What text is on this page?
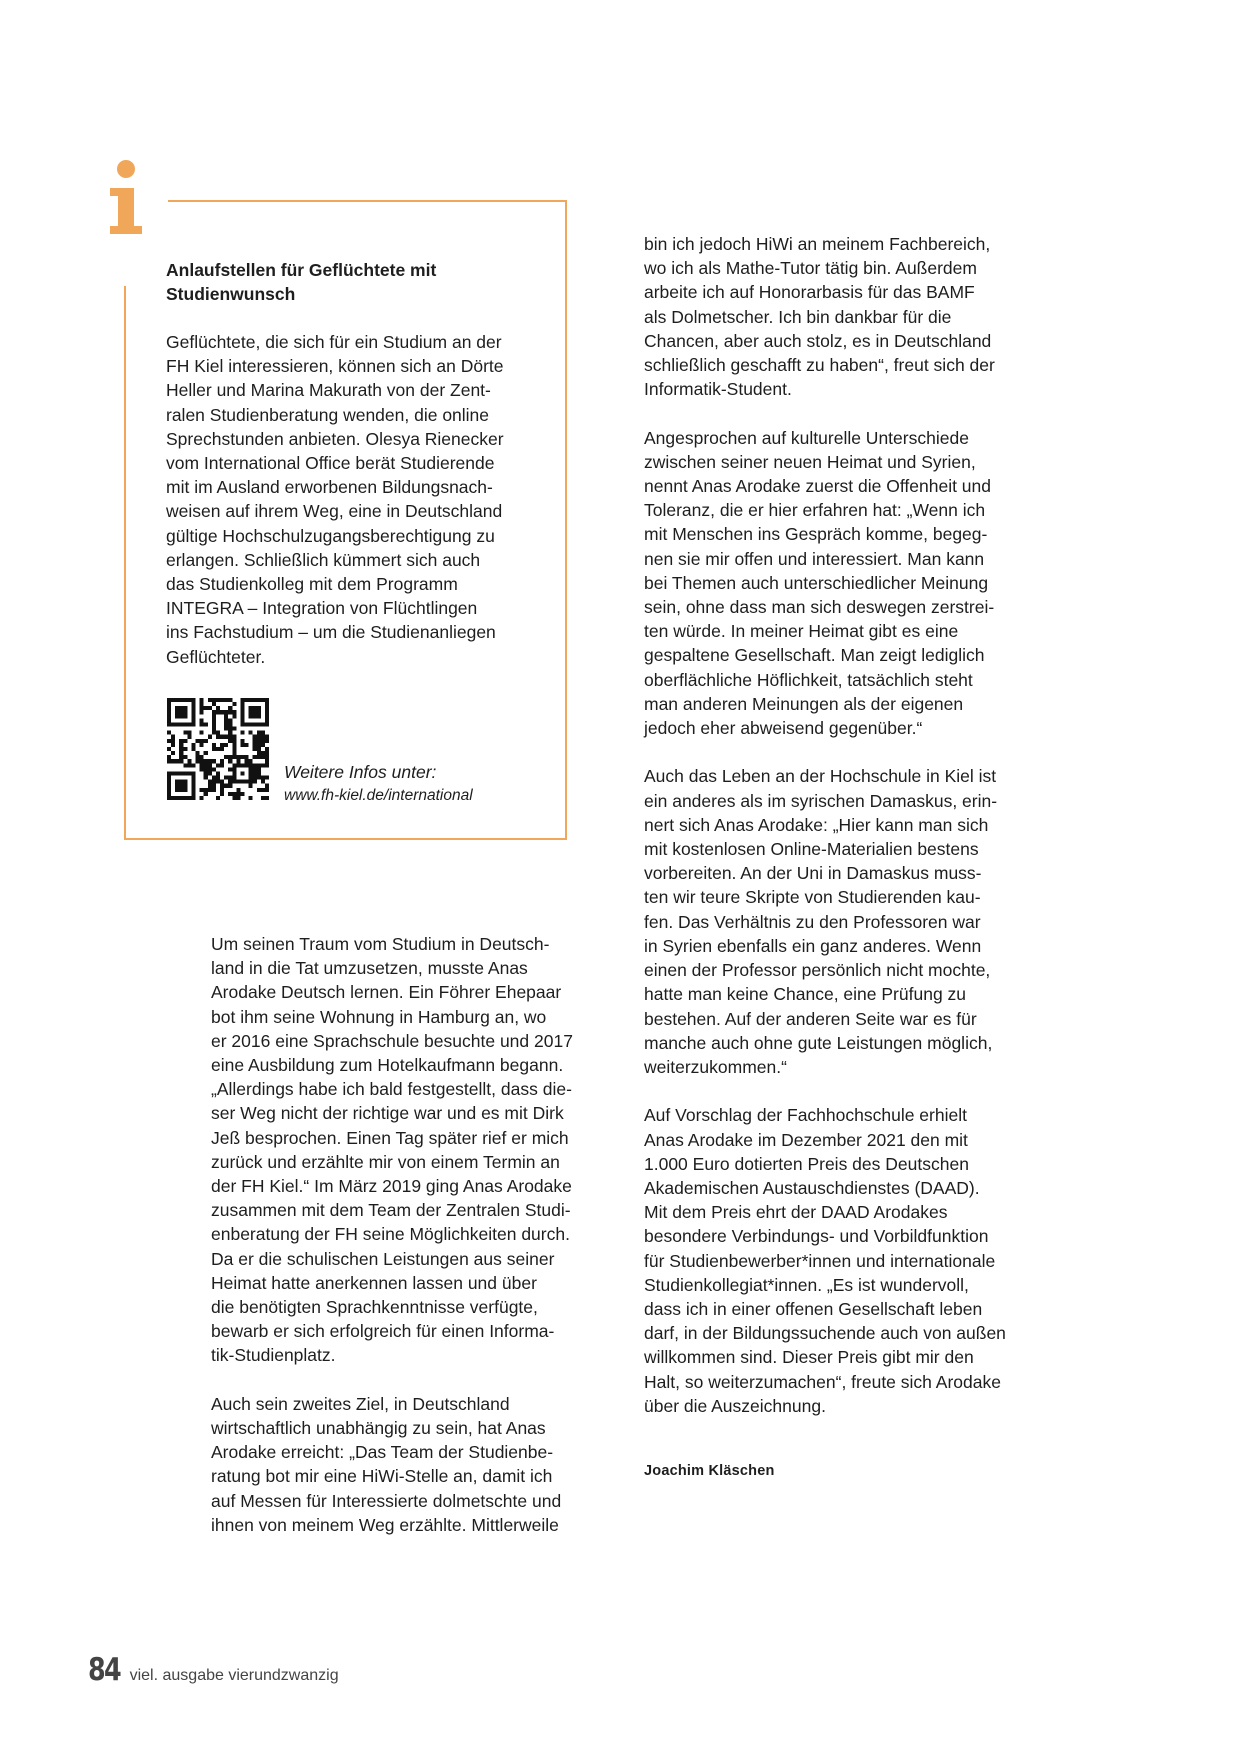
Anlaufstellen für Geflüchtete mit
Studienwunsch

Geflüchtete, die sich für ein Studium an der
FH Kiel interessieren, können sich an Dörte
Heller und Marina Makurath von der Zent-
ralen Studienberatung wenden, die online
Sprechstunden anbieten. Olesya Rienecker
vom International Office berät Studierende
mit im Ausland erworbenen Bildungsnach-
weisen auf ihrem Weg, eine in Deutschland
gültige Hochschulzugangsberechtigung zu
erlangen. Schließlich kümmert sich auch
das Studienkolleg mit dem Programm
INTEGRA – Integration von Flüchtlingen
ins Fachstudium – um die Studienanliegen
Geflüchteter.

Weitere Infos unter:

www.fh-kiel.de/international

Um seinen Traum vom Studium in Deutsch-
land in die Tat umzusetzen, musste Anas
Arodake Deutsch lernen. Ein Föhrer Ehepaar
bot ihm seine Wohnung in Hamburg an, wo
er 2016 eine Sprachschule besuchte und 2017
eine Ausbildung zum Hotelkaufmann begann.
„Allerdings habe ich bald festgestellt, dass die-
ser Weg nicht der richtige war und es mit Dirk
Jeß besprochen. Einen Tag später rief er mich
zurück und erzählte mir von einem Termin an
der FH Kiel.“ Im März 2019 ging Anas Arodake
zusammen mit dem Team der Zentralen Studi-
enberatung der FH seine Möglichkeiten durch.
Da er die schulischen Leistungen aus seiner
Heimat hatte anerkennen lassen und über
die benötigten Sprachkenntnisse verfügte,
bewarb er sich erfolgreich für einen Informa-
tik-Studienplatz.

Auch sein zweites Ziel, in Deutschland
wirtschaftlich unabhängig zu sein, hat Anas
Arodake erreicht: „Das Team der Studienbe-
ratung bot mir eine HiWi-Stelle an, damit ich
auf Messen für Interessierte dolmetschte und
ihnen von meinem Weg erzählte. Mittlerweile

bin ich jedoch HiWi an meinem Fachbereich,
wo ich als Mathe-Tutor tätig bin. Außerdem
arbeite ich auf Honorarbasis für das BAMF
als Dolmetscher. Ich bin dankbar für die
Chancen, aber auch stolz, es in Deutschland
schließlich geschafft zu haben“, freut sich der
Informatik-Student.

Angesprochen auf kulturelle Unterschiede
zwischen seiner neuen Heimat und Syrien,
nennt Anas Arodake zuerst die Offenheit und
Toleranz, die er hier erfahren hat: „Wenn ich
mit Menschen ins Gespräch komme, begeg-
nen sie mir offen und interessiert. Man kann
bei Themen auch unterschiedlicher Meinung
sein, ohne dass man sich deswegen zerstrei-
ten würde. In meiner Heimat gibt es eine
gespaltene Gesellschaft. Man zeigt lediglich
oberflächliche Höflichkeit, tatsächlich steht
man anderen Meinungen als der eigenen
jedoch eher abweisend gegenüber.“

Auch das Leben an der Hochschule in Kiel ist
ein anderes als im syrischen Damaskus, erin-
nert sich Anas Arodake: „Hier kann man sich
mit kostenlosen Online-Materialien bestens
vorbereiten. An der Uni in Damaskus muss-
ten wir teure Skripte von Studierenden kau-
fen. Das Verhältnis zu den Professoren war
in Syrien ebenfalls ein ganz anderes. Wenn
einen der Professor persönlich nicht mochte,
hatte man keine Chance, eine Prüfung zu
bestehen. Auf der anderen Seite war es für
manche auch ohne gute Leistungen möglich,
weiterzukommen.“

Auf Vorschlag der Fachhochschule erhielt
Anas Arodake im Dezember 2021 den mit
1.000 Euro dotierten Preis des Deutschen
Akademischen Austauschdienstes (DAAD).
Mit dem Preis ehrt der DAAD Arodakes
besondere Verbindungs- und Vorbildfunktion
für Studienbewerber*innen und internationale
Studienkollegiat*innen. „Es ist wundervoll,
dass ich in einer offenen Gesellschaft leben
darf, in der Bildungssuchende auch von außen
willkommen sind. Dieser Preis gibt mir den
Halt, so weiterzumachen“, freute sich Arodake
über die Auszeichnung.

Joachim Kläschen

84 viel. ausgabe vierundzwanzig
